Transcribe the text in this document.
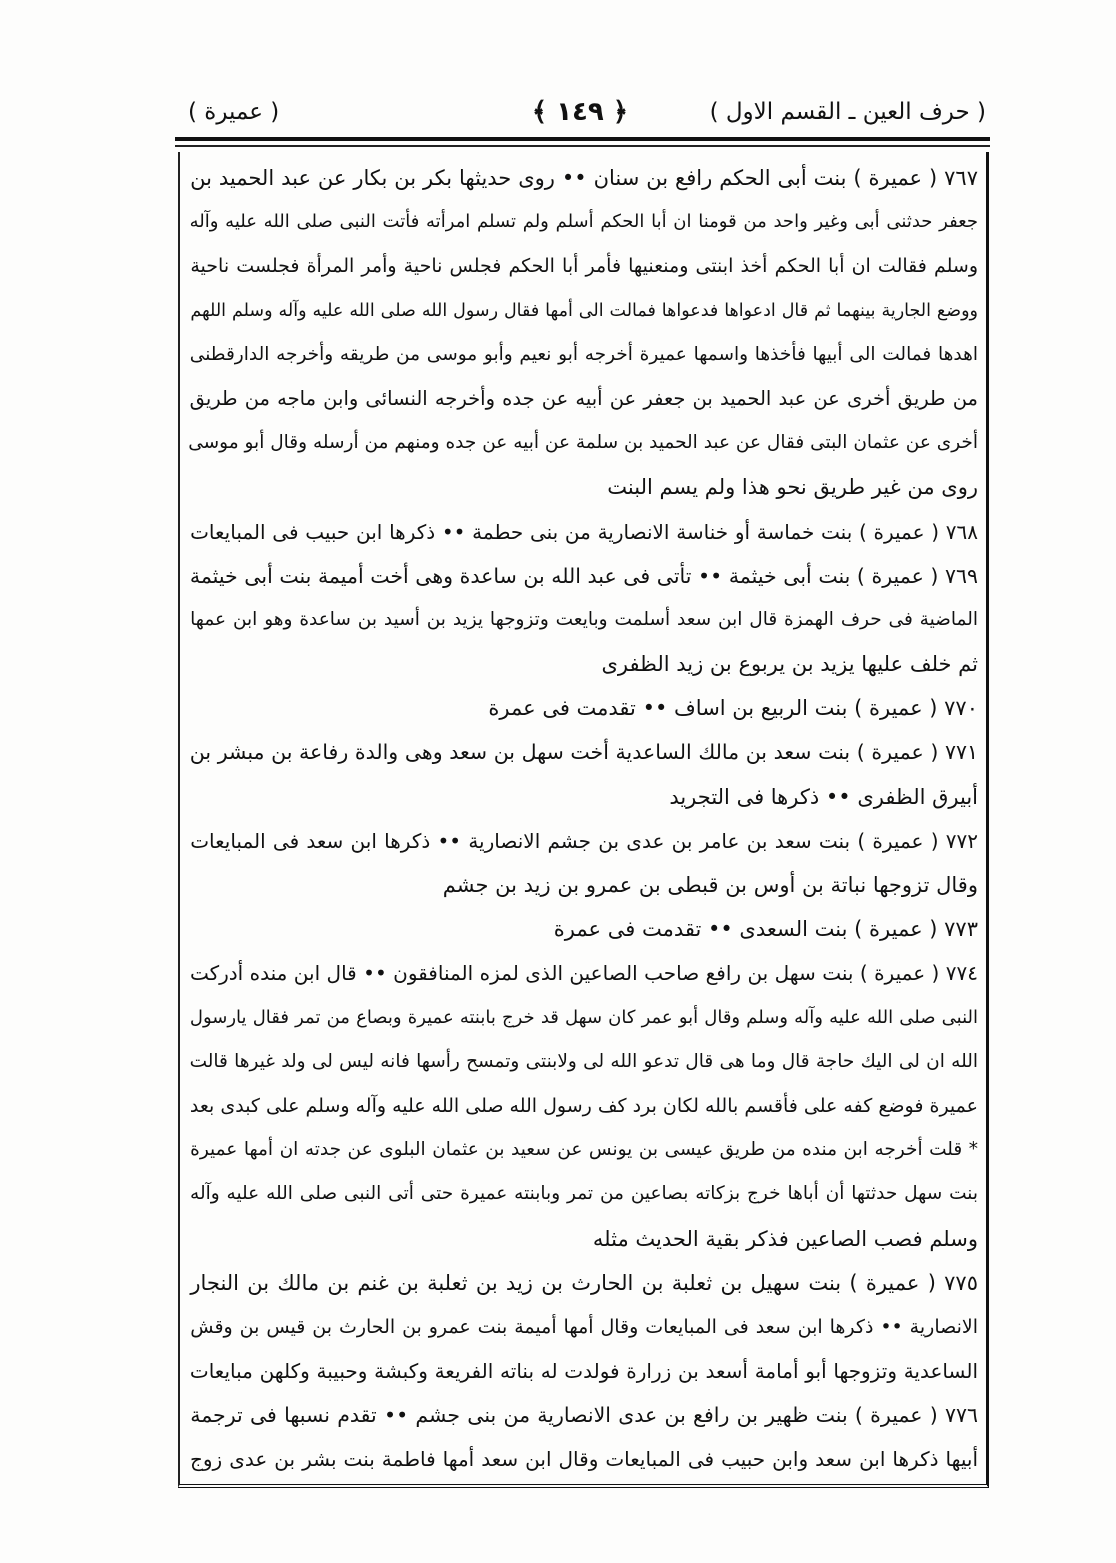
( حرف العين ـ القسم الاول )
﴿ ١٤٩ ﴾
( عميرة )
٧٦٧ ( عميرة ) بنت أبى الحكم رافع بن سنان •• روى حديثها بكر بن بكار عن عبد الحميد بن
جعفر حدثنى أبى وغير واحد من قومنا ان أبا الحكم أسلم ولم تسلم امرأته فأتت النبى صلى الله عليه وآله
وسلم فقالت ان أبا الحكم أخذ ابنتى ومنعنيها فأمر أبا الحكم فجلس ناحية وأمر المرأة فجلست ناحية
ووضع الجارية بينهما ثم قال ادعواها فدعواها فمالت الى أمها فقال رسول الله صلى الله عليه وآله وسلم اللهم
اهدها فمالت الى أبيها فأخذها واسمها عميرة أخرجه أبو نعيم وأبو موسى من طريقه وأخرجه الدارقطنى
من طريق أخرى عن عبد الحميد بن جعفر عن أبيه عن جده وأخرجه النسائى وابن ماجه من طريق
أخرى عن عثمان البتى فقال عن عبد الحميد بن سلمة عن أبيه عن جده ومنهم من أرسله وقال أبو موسى
روى من غير طريق نحو هذا ولم يسم البنت
٧٦٨ ( عميرة ) بنت خماسة أو خناسة الانصارية من بنى حطمة •• ذكرها ابن حبيب فى المبايعات
٧٦٩ ( عميرة ) بنت أبى خيثمة •• تأتى فى عبد الله بن ساعدة وهى أخت أميمة بنت أبى خيثمة
الماضية فى حرف الهمزة قال ابن سعد أسلمت وبايعت وتزوجها يزيد بن أسيد بن ساعدة وهو ابن عمها
ثم خلف عليها يزيد بن يربوع بن زيد الظفرى
٧٧٠ ( عميرة ) بنت الربيع بن اساف •• تقدمت فى عمرة
٧٧١ ( عميرة ) بنت سعد بن مالك الساعدية أخت سهل بن سعد وهى والدة رفاعة بن مبشر بن
أبيرق الظفرى •• ذكرها فى التجريد
٧٧٢ ( عميرة ) بنت سعد بن عامر بن عدى بن جشم الانصارية •• ذكرها ابن سعد فى المبايعات
وقال تزوجها نباتة بن أوس بن قبطى بن عمرو بن زيد بن جشم
٧٧٣ ( عميرة ) بنت السعدى •• تقدمت فى عمرة
٧٧٤ ( عميرة ) بنت سهل بن رافع صاحب الصاعين الذى لمزه المنافقون •• قال ابن منده أدركت
النبى صلى الله عليه وآله وسلم وقال أبو عمر كان سهل قد خرج بابنته عميرة وبصاع من تمر فقال يارسول
الله ان لى اليك حاجة قال وما هى قال تدعو الله لى ولابنتى وتمسح رأسها فانه ليس لى ولد غيرها قالت
عميرة فوضع كفه على فأقسم بالله لكان برد كف رسول الله صلى الله عليه وآله وسلم على كبدى بعد
* قلت أخرجه ابن منده من طريق عيسى بن يونس عن سعيد بن عثمان البلوى عن جدته ان أمها عميرة
بنت سهل حدثتها أن أباها خرج بزكاته بصاعين من تمر وبابنته عميرة حتى أتى النبى صلى الله عليه وآله
وسلم فصب الصاعين فذكر بقية الحديث مثله
٧٧٥ ( عميرة ) بنت سهيل بن ثعلبة بن الحارث بن زيد بن ثعلبة بن غنم بن مالك بن النجار
الانصارية •• ذكرها ابن سعد فى المبايعات وقال أمها أميمة بنت عمرو بن الحارث بن قيس بن وقش
الساعدية وتزوجها أبو أمامة أسعد بن زرارة فولدت له بناته الفريعة وكبشة وحبيبة وكلهن مبايعات
٧٧٦ ( عميرة ) بنت ظهير بن رافع بن عدى الانصارية من بنى جشم •• تقدم نسبها فى ترجمة
أبيها ذكرها ابن سعد وابن حبيب فى المبايعات وقال ابن سعد أمها فاطمة بنت بشر بن عدى زوج
